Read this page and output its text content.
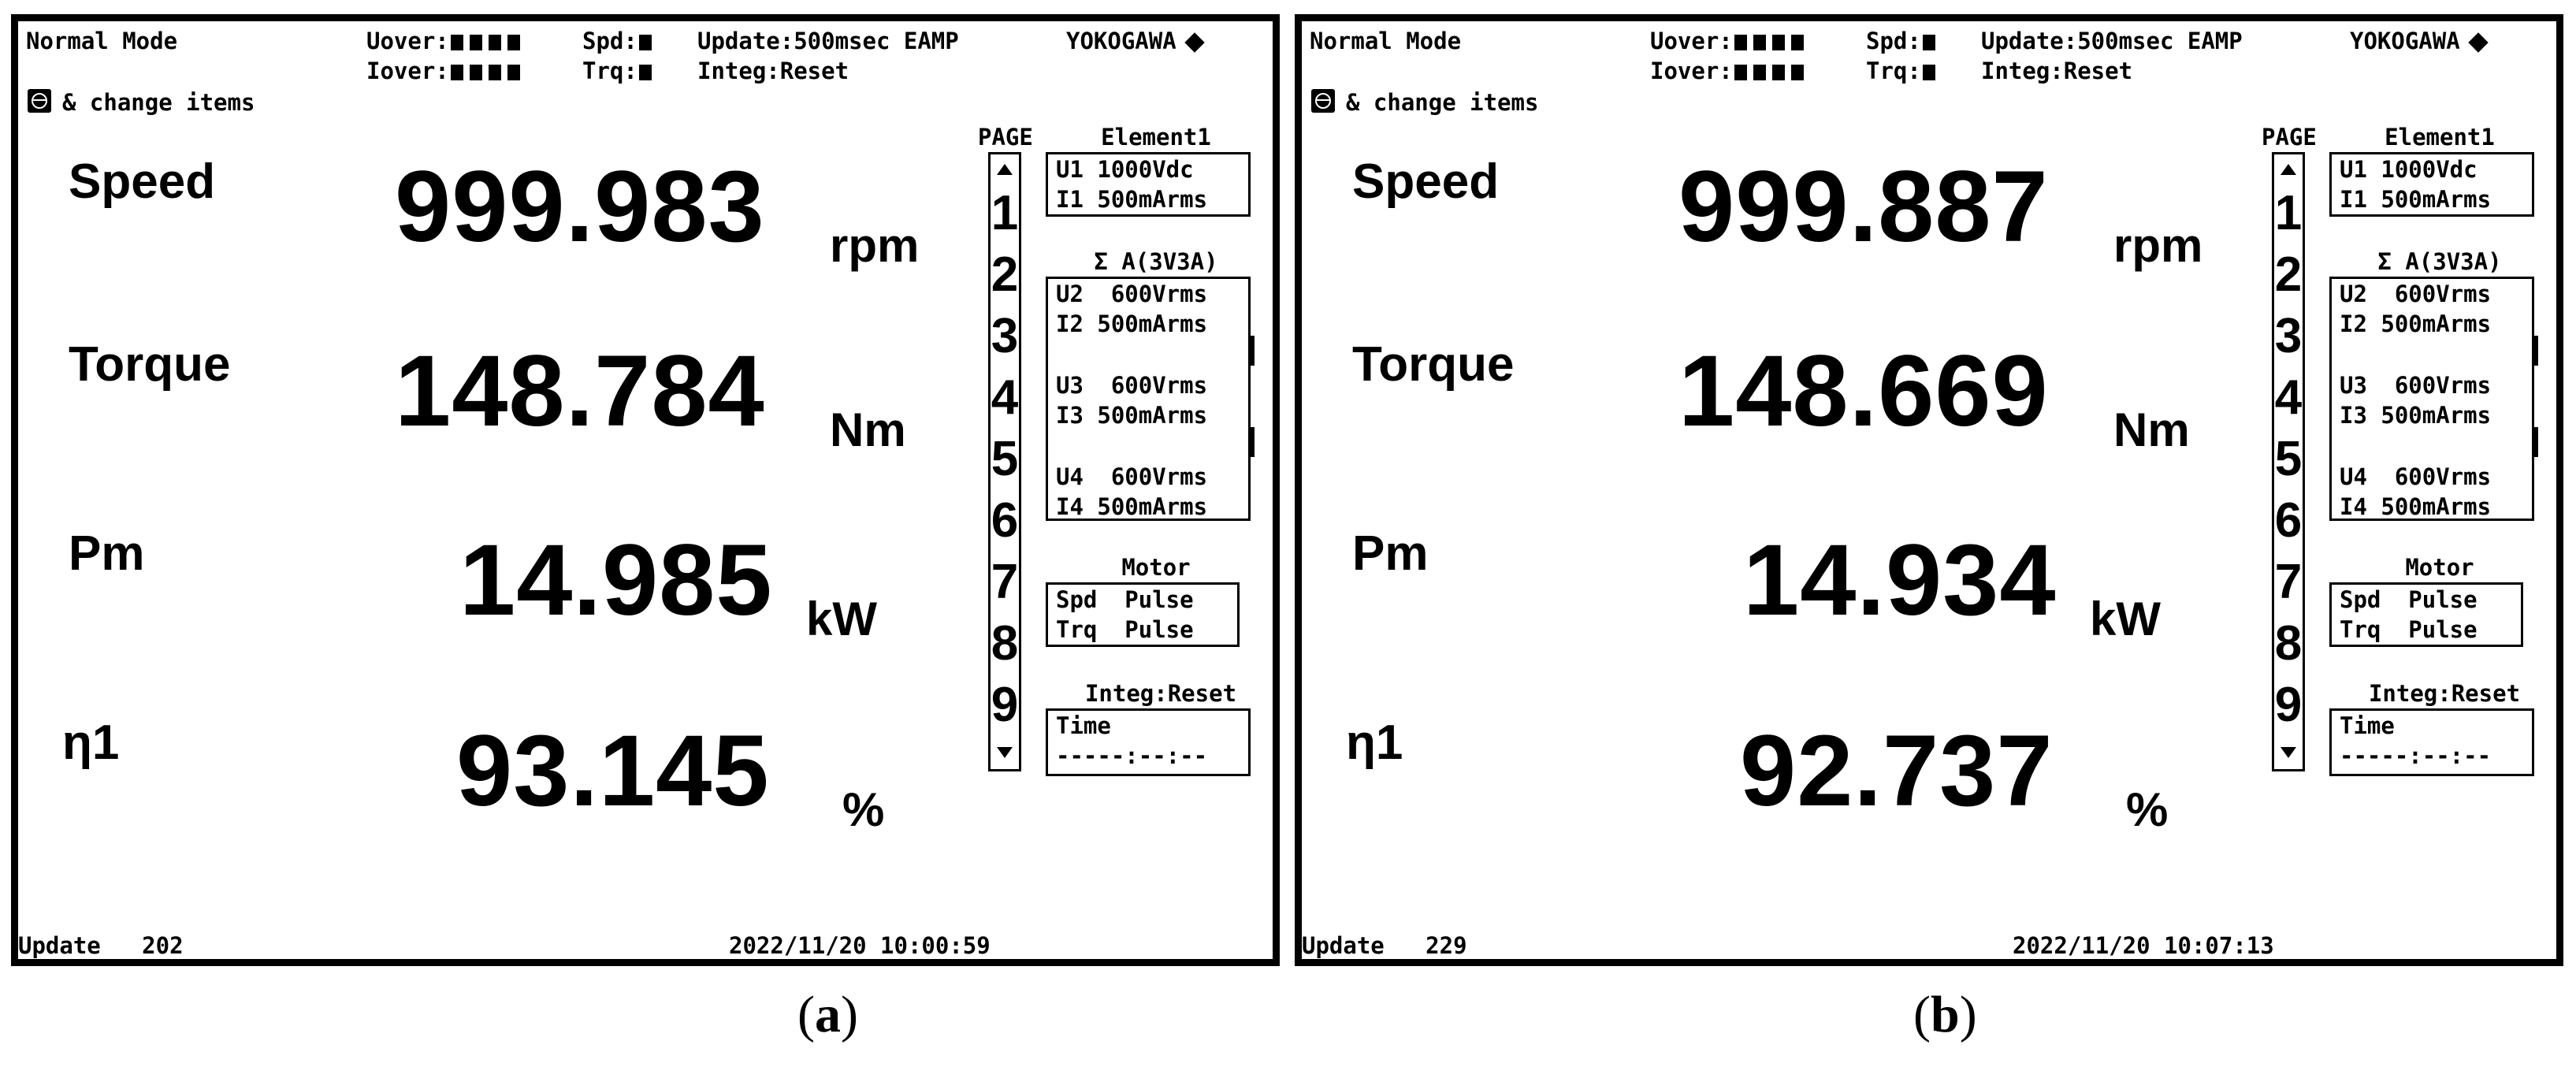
Normal Mode	Uover:	Spd:	Update:500msec EAMP	YOKOGAWA
Iover:	Trq:	Integ:Reset
& change items
Speed 999.983 rpm
Torque 148.784 Nm
Pm	14.985 kW
η1	93.145 %
PAGE
1
2
3
4
5
6
7
8
9
Element1
U1 1000Vdc
I1 500mArms
Σ A(3V3A)
U2  600Vrms
I2 500mArms
U3  600Vrms
I3 500mArms
U4  600Vrms
I4 500mArms
Motor
Spd  Pulse
Trq  Pulse
Integ:Reset
Time
-----:--:--
Update 202	2022/11/20 10:00:59
Normal Mode	Uover:	Spd:	Update:500msec EAMP	YOKOGAWA
Iover:	Trq:	Integ:Reset
& change items
Speed 999.887 rpm
Torque 148.669 Nm
Pm	14.934 kW
η1	92.737 %
PAGE
1
2
3
4
5
6
7
8
9
Element1
U1 1000Vdc
I1 500mArms
Σ A(3V3A)
U2  600Vrms
I2 500mArms
U3  600Vrms
I3 500mArms
U4  600Vrms
I4 500mArms
Motor
Spd  Pulse
Trq  Pulse
Integ:Reset
Time
-----:--:--
Update 229	2022/11/20 10:07:13
(a)	(b)
